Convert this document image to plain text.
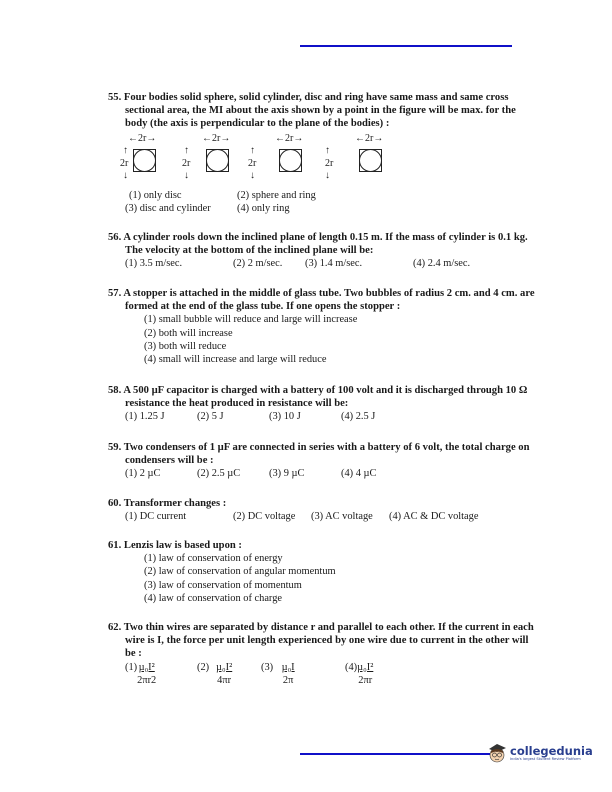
55. Four bodies solid sphere, solid cylinder, disc and ring have same mass and same cross sectional area, the MI about the axis shown by a point in the figure will be max. for the body (the axis is perpendicular to the plane of the bodies) :
←2r→
↑
2r
↓
↑
2r
↓
←2r→
↑
2r
↓
←2r→
↑
2r
↓
←2r→
(1) only disc	(2) sphere and ring
(3) disc and cylinder	(4) only ring
56. A cylinder rools down the inclined plane of length 0.15 m. If the mass of cylinder is 0.1 kg. The velocity at the bottom of the inclined plane will be:
(1) 3.5 m/sec.	(2) 2 m/sec.	(3) 1.4 m/sec.	(4) 2.4 m/sec.
57. A stopper is attached in the middle of glass tube. Two bubbles of radius 2 cm. and 4 cm. are formed at the end of the glass tube. If one opens the stopper :
(1) small bubble will reduce and large will increase
(2) both will increase
(3) both will reduce
(4) small will increase and large will reduce
58. A 500 µF capacitor is charged with a battery of 100 volt and it is discharged through 10 Ω resistance the heat produced in resistance will be:
(1) 1.25 J	(2) 5 J	(3) 10 J	(4) 2.5 J
59. Two condensers of 1 µF are connected in series with a battery of 6 volt, the total charge on condensers will be :
(1) 2 µC	(2) 2.5 µC	(3) 9 µC	(4) 4 µC
60. Transformer changes :
(1) DC current	(2) DC voltage	(3) AC voltage	(4) AC & DC voltage
61. Lenzis law is based upon :
(1) law of conservation of energy
(2) law of conservation of angular momentum
(3) law of conservation of momentum
(4) law of conservation of charge
62. Two thin wires are separated by distance r and parallel to each other. If the current in each wire is I, the force per unit length experienced by one wire due to current in the other will be :
$(1) \frac{\text{µ₀I²}}{2\pi r2}$	$(2) \frac{\text{µ₀I²}}{4\pi r} (3) \frac{\text{µ₀I}}{2\pi}$	$(4) \frac{\text{µ₀I²}}{2\pi r}$
collegedunia
India's largest Student Review Platform
